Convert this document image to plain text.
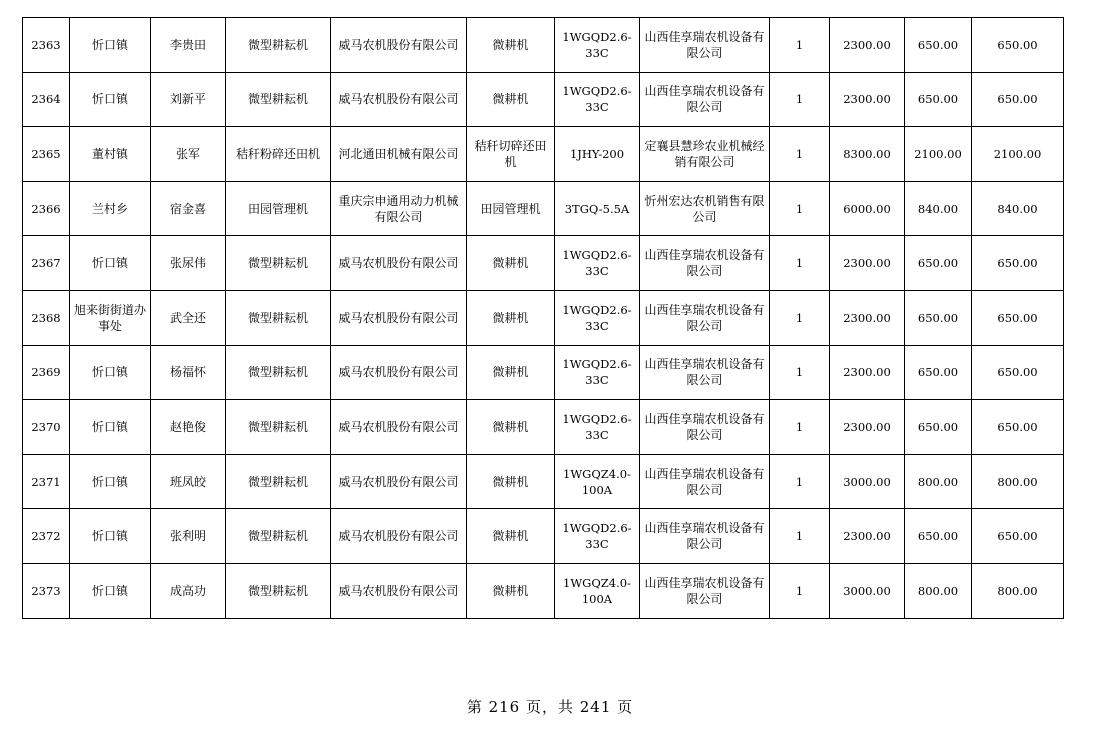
2363	忻口镇	李贵田	微型耕耘机	威马农机股份有限公司	微耕机	1WGQD2.6-33C	山西佳享瑞农机设备有限公司	1	2300.00	650.00	650.00
2364	忻口镇	刘新平	微型耕耘机	威马农机股份有限公司	微耕机	1WGQD2.6-33C	山西佳享瑞农机设备有限公司	1	2300.00	650.00	650.00
2365	董村镇	张军	秸秆粉碎还田机	河北通田机械有限公司	秸秆切碎还田机	1JHY-200	定襄县慧珍农业机械经销有限公司	1	8300.00	2100.00	2100.00
2366	兰村乡	宿金喜	田园管理机	重庆宗申通用动力机械有限公司	田园管理机	3TGQ-5.5A	忻州宏达农机销售有限公司	1	6000.00	840.00	840.00
2367	忻口镇	张尿伟	微型耕耘机	威马农机股份有限公司	微耕机	1WGQD2.6-33C	山西佳享瑞农机设备有限公司	1	2300.00	650.00	650.00
2368	旭来街街道办事处	武全还	微型耕耘机	威马农机股份有限公司	微耕机	1WGQD2.6-33C	山西佳享瑞农机设备有限公司	1	2300.00	650.00	650.00
2369	忻口镇	杨福怀	微型耕耘机	威马农机股份有限公司	微耕机	1WGQD2.6-33C	山西佳享瑞农机设备有限公司	1	2300.00	650.00	650.00
2370	忻口镇	赵艳俊	微型耕耘机	威马农机股份有限公司	微耕机	1WGQD2.6-33C	山西佳享瑞农机设备有限公司	1	2300.00	650.00	650.00
2371	忻口镇	班凤皎	微型耕耘机	威马农机股份有限公司	微耕机	1WGQZ4.0-100A	山西佳享瑞农机设备有限公司	1	3000.00	800.00	800.00
2372	忻口镇	张利明	微型耕耘机	威马农机股份有限公司	微耕机	1WGQD2.6-33C	山西佳享瑞农机设备有限公司	1	2300.00	650.00	650.00
2373	忻口镇	成高功	微型耕耘机	威马农机股份有限公司	微耕机	1WGQZ4.0-100A	山西佳享瑞农机设备有限公司	1	3000.00	800.00	800.00
第 216 页，共 241 页
